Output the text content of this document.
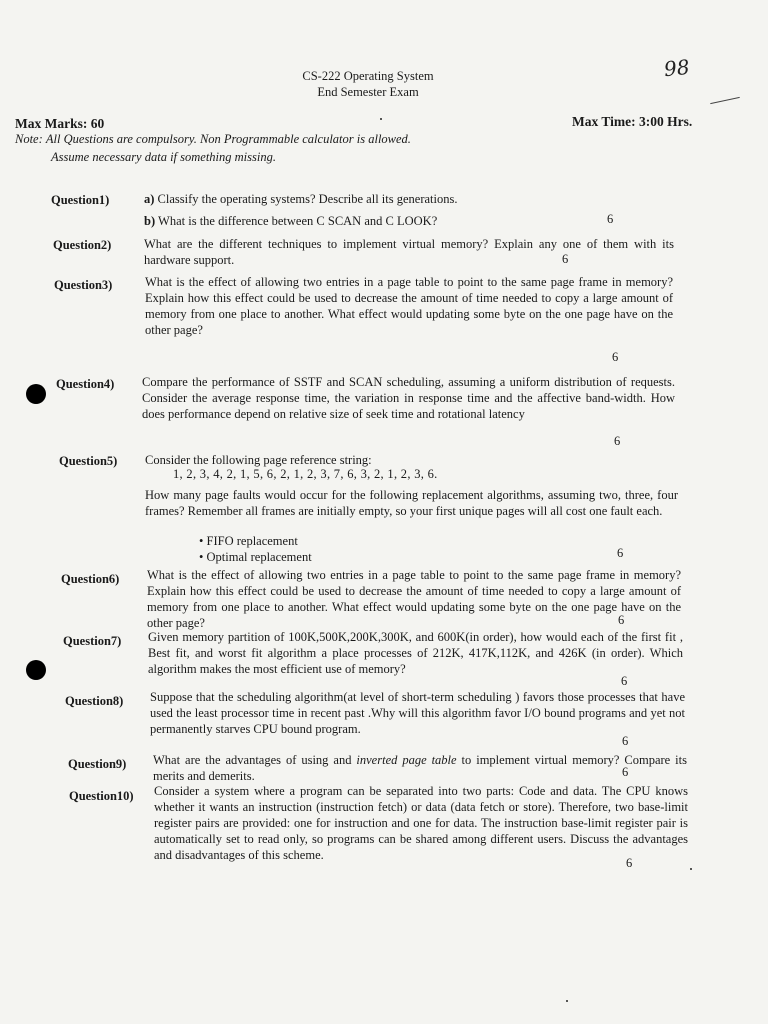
CS-222 Operating System
End Semester Exam
98
Max Marks: 60	Max Time: 3:00 Hrs.
Note: All Questions are compulsory. Non Programmable calculator is allowed.
Assume necessary data if something missing.
Question1)	a) Classify the operating systems? Describe all its generations.
b) What is the difference between C SCAN and C LOOK?	6
Question2)	What are the different techniques to implement virtual memory? Explain any one of them with its hardware support.	6
Question3)	What is the effect of allowing two entries in a page table to point to the same page frame in memory? Explain how this effect could be used to decrease the amount of time needed to copy a large amount of memory from one place to another. What effect would updating some byte on the one page have on the other page?
6
Question4) Compare the performance of SSTF and SCAN scheduling, assuming a uniform distribution of requests. Consider the average response time, the variation in response time and the affective band-width. How does performance depend on relative size of seek time and rotational latency
6
Question5) Consider the following page reference string:
1, 2, 3, 4, 2, 1, 5, 6, 2, 1, 2, 3, 7, 6, 3, 2, 1, 2, 3, 6.
How many page faults would occur for the following replacement algorithms, assuming two, three, four frames? Remember all frames are initially empty, so your first unique pages will all cost one fault each.
• FIFO replacement
• Optimal replacement	6
Question6) What is the effect of allowing two entries in a page table to point to the same page frame in memory? Explain how this effect could be used to decrease the amount of time needed to copy a large amount of memory from one place to another. What effect would updating some byte on the one page have on the other page?	6
Question7) Given memory partition of 100K,500K,200K,300K, and 600K(in order), how would each of the first fit , Best fit, and worst fit algorithm a place processes of 212K, 417K,112K, and 426K (in order). Which algorithm makes the most efficient use of memory?
6
Question8) Suppose that the scheduling algorithm(at level of short-term scheduling ) favors those processes that have used the least processor time in recent past .Why will this algorithm favor I/O bound programs and yet not permanently starves CPU bound program.
6
Question9) What are the advantages of using and inverted page table to implement virtual memory? Compare its merits and demerits.	6
Question10) Consider a system where a program can be separated into two parts: Code and data. The CPU knows whether it wants an instruction (instruction fetch) or data (data fetch or store). Therefore, two base-limit register pairs are provided: one for instruction and one for data. The instruction base-limit register pair is automatically set to read only, so programs can be shared among different users. Discuss the advantages and disadvantages of this scheme.
6
